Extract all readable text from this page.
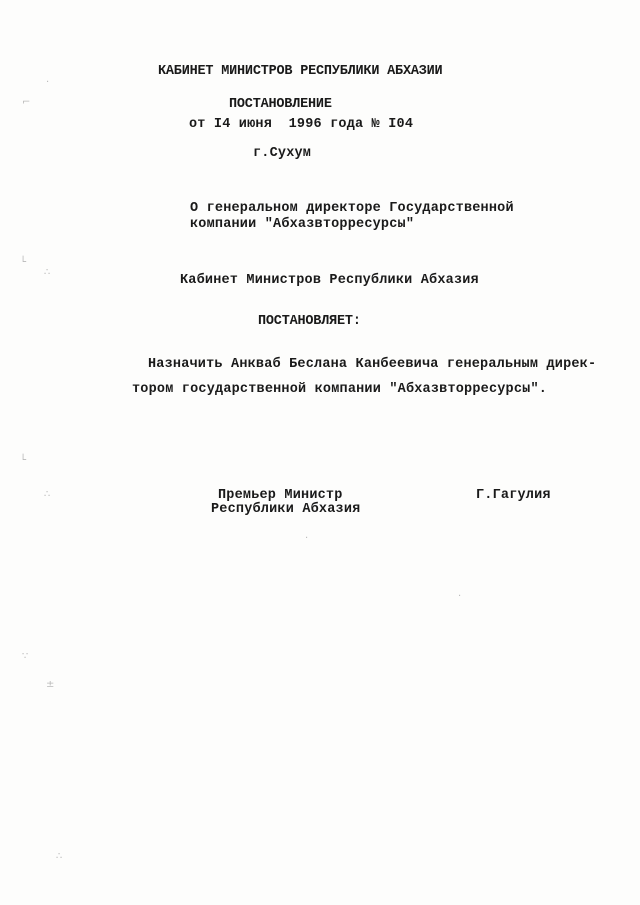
КАБИНЕТ МИНИСТРОВ РЕСПУБЛИКИ АБХАЗИИ
ПОСТАНОВЛЕНИЕ
от I4 июня  1996 года № I04
г.Сухум
О генеральном директоре Государственной
компании "Абхазвторресурсы"
Кабинет Министров Республики Абхазия
ПОСТАНОВЛЯЕТ:
Назначить Анкваб Беслана Канбеевича генеральным дирек-
тором государственной компании "Абхазвторресурсы".
Премьер Министр
Республики Абхазия
Г.Гагулия
·
⌐
└
∴
└
∴
∵
±
∴
·
·
